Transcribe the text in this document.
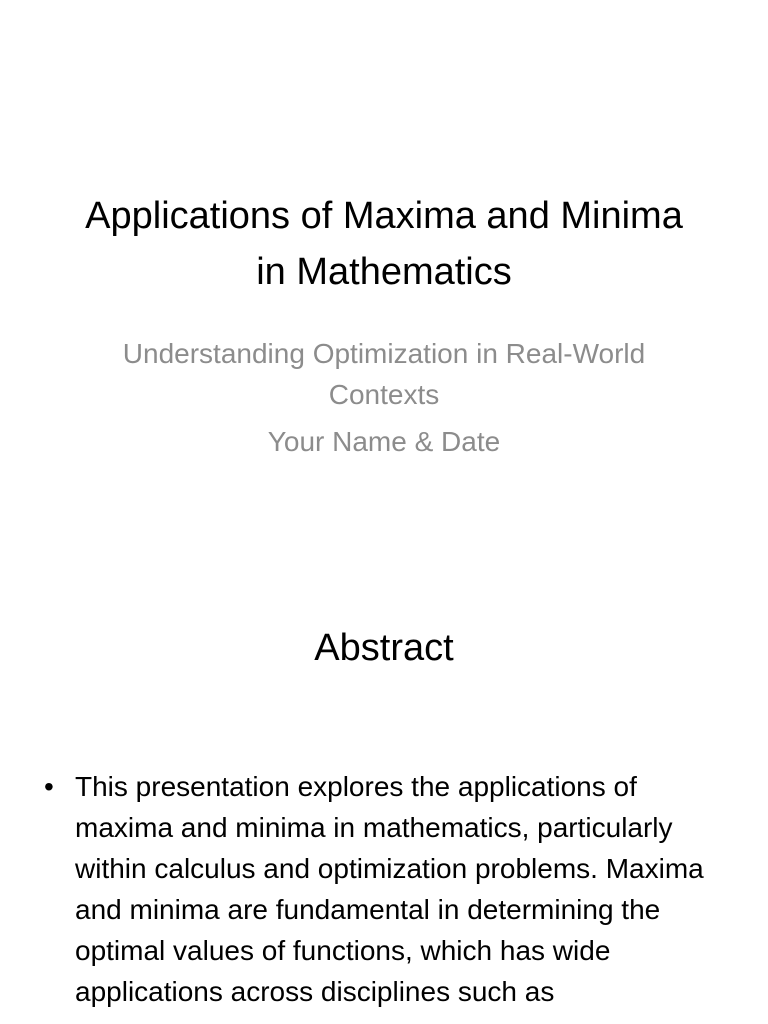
Applications of Maxima and Minima in Mathematics
Understanding Optimization in Real-World Contexts
Your Name & Date
Abstract
• This presentation explores the applications of maxima and minima in mathematics, particularly within calculus and optimization problems. Maxima and minima are fundamental in determining the optimal values of functions, which has wide applications across disciplines such as
